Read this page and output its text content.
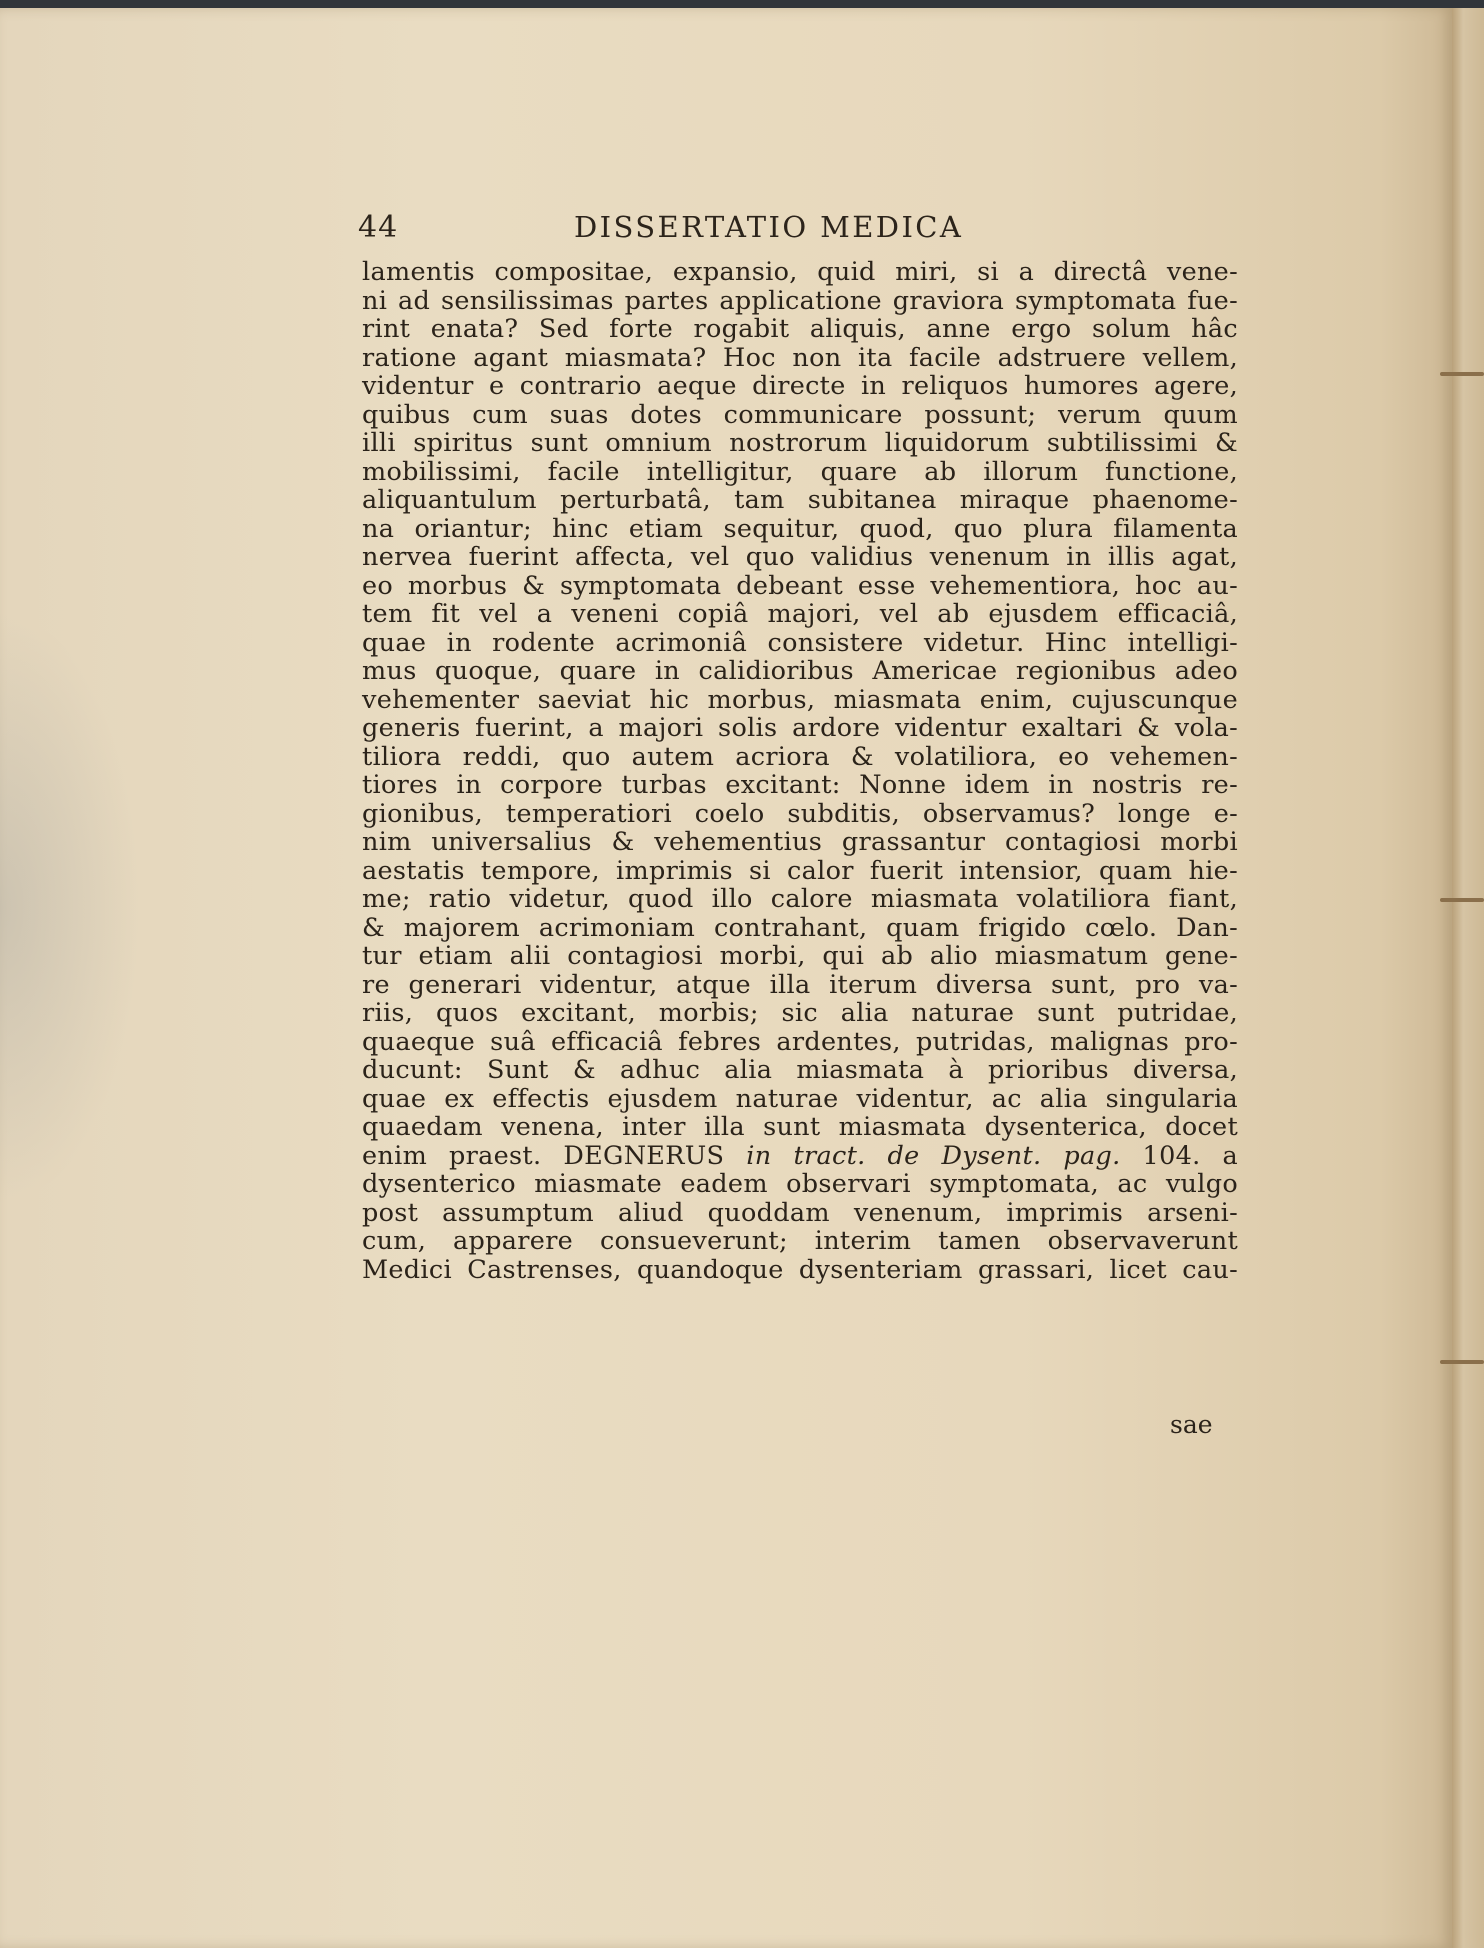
44	DISSERTATIO MEDICA
lamentis compositae, expansio, quid miri, si a directâ vene-
ni ad sensilissimas partes applicatione graviora symptomata fue-
rint enata? Sed forte rogabit aliquis, anne ergo solum hâc
ratione agant miasmata? Hoc non ita facile adstruere vellem,
videntur e contrario aeque directe in reliquos humores agere,
quibus cum suas dotes communicare possunt; verum quum
illi spiritus sunt omnium nostrorum liquidorum subtilissimi &
mobilissimi, facile intelligitur, quare ab illorum functione,
aliquantulum perturbatâ, tam subitanea miraque phaenome-
na oriantur; hinc etiam sequitur, quod, quo plura filamenta
nervea fuerint affecta, vel quo validius venenum in illis agat,
eo morbus & symptomata debeant esse vehementiora, hoc au-
tem fit vel a veneni copiâ majori, vel ab ejusdem efficaciâ,
quae in rodente acrimoniâ consistere videtur. Hinc intelligi-
mus quoque, quare in calidioribus Americae regionibus adeo
vehementer saeviat hic morbus, miasmata enim, cujuscunque
generis fuerint, a majori solis ardore videntur exaltari & vola-
tiliora reddi, quo autem acriora & volatiliora, eo vehemen-
tiores in corpore turbas excitant: Nonne idem in nostris re-
gionibus, temperatiori coelo subditis, observamus? longe e-
nim universalius & vehementius grassantur contagiosi morbi
aestatis tempore, imprimis si calor fuerit intensior, quam hie-
me; ratio videtur, quod illo calore miasmata volatiliora fiant,
& majorem acrimoniam contrahant, quam frigido cœlo. Dan-
tur etiam alii contagiosi morbi, qui ab alio miasmatum gene-
re generari videntur, atque illa iterum diversa sunt, pro va-
riis, quos excitant, morbis; sic alia naturae sunt putridae,
quaeque suâ efficaciâ febres ardentes, putridas, malignas pro-
ducunt: Sunt & adhuc alia miasmata à prioribus diversa,
quae ex effectis ejusdem naturae videntur, ac alia singularia
quaedam venena, inter illa sunt miasmata dysenterica, docet
enim praest. DEGNERUS in tract. de Dysent. pag. 104. a
dysenterico miasmate eadem observari symptomata, ac vulgo
post assumptum aliud quoddam venenum, imprimis arseni-
cum, apparere consueverunt; interim tamen observaverunt
Medici Castrenses, quandoque dysenteriam grassari, licet cau-
sae
